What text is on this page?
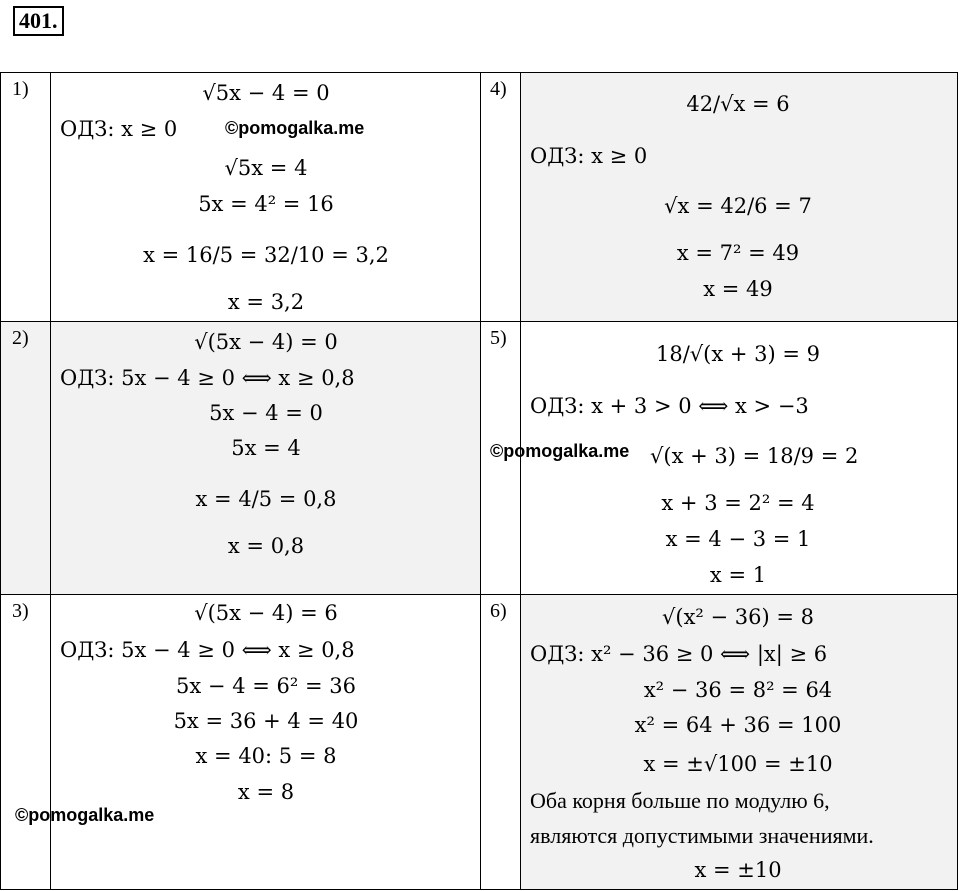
401.
1)
2)
3)
4)
5)
6)
√5x − 4 = 0
ОДЗ: x ≥ 0	©pomogalka.me
√5x = 4
5x = 4² = 16
x = 16/5 = 32/10 = 3,2
x = 3,2
√(5x − 4) = 0
ОДЗ: 5x − 4 ≥ 0 ⟺ x ≥ 0,8
5x − 4 = 0
5x = 4
x = 4/5 = 0,8
x = 0,8
√(5x − 4) = 6
ОДЗ: 5x − 4 ≥ 0 ⟺ x ≥ 0,8
5x − 4 = 6² = 36
5x = 36 + 4 = 40
x = 40: 5 = 8
x = 8
©pomogalka.me
42/√x = 6
ОДЗ: x ≥ 0
√x = 42/6 = 7
x = 7² = 49
x = 49
18/√(x + 3) = 9
ОДЗ: x + 3 > 0 ⟺ x > −3
©pomogalka.me √(x + 3) = 18/9 = 2
x + 3 = 2² = 4
x = 4 − 3 = 1
x = 1
√(x² − 36) = 8
ОДЗ: x² − 36 ≥ 0 ⟺ |x| ≥ 6
x² − 36 = 8² = 64
x² = 64 + 36 = 100
x = ±√100 = ±10
Оба корня больше по модулю 6,
являются допустимыми значениями.
x = ±10
